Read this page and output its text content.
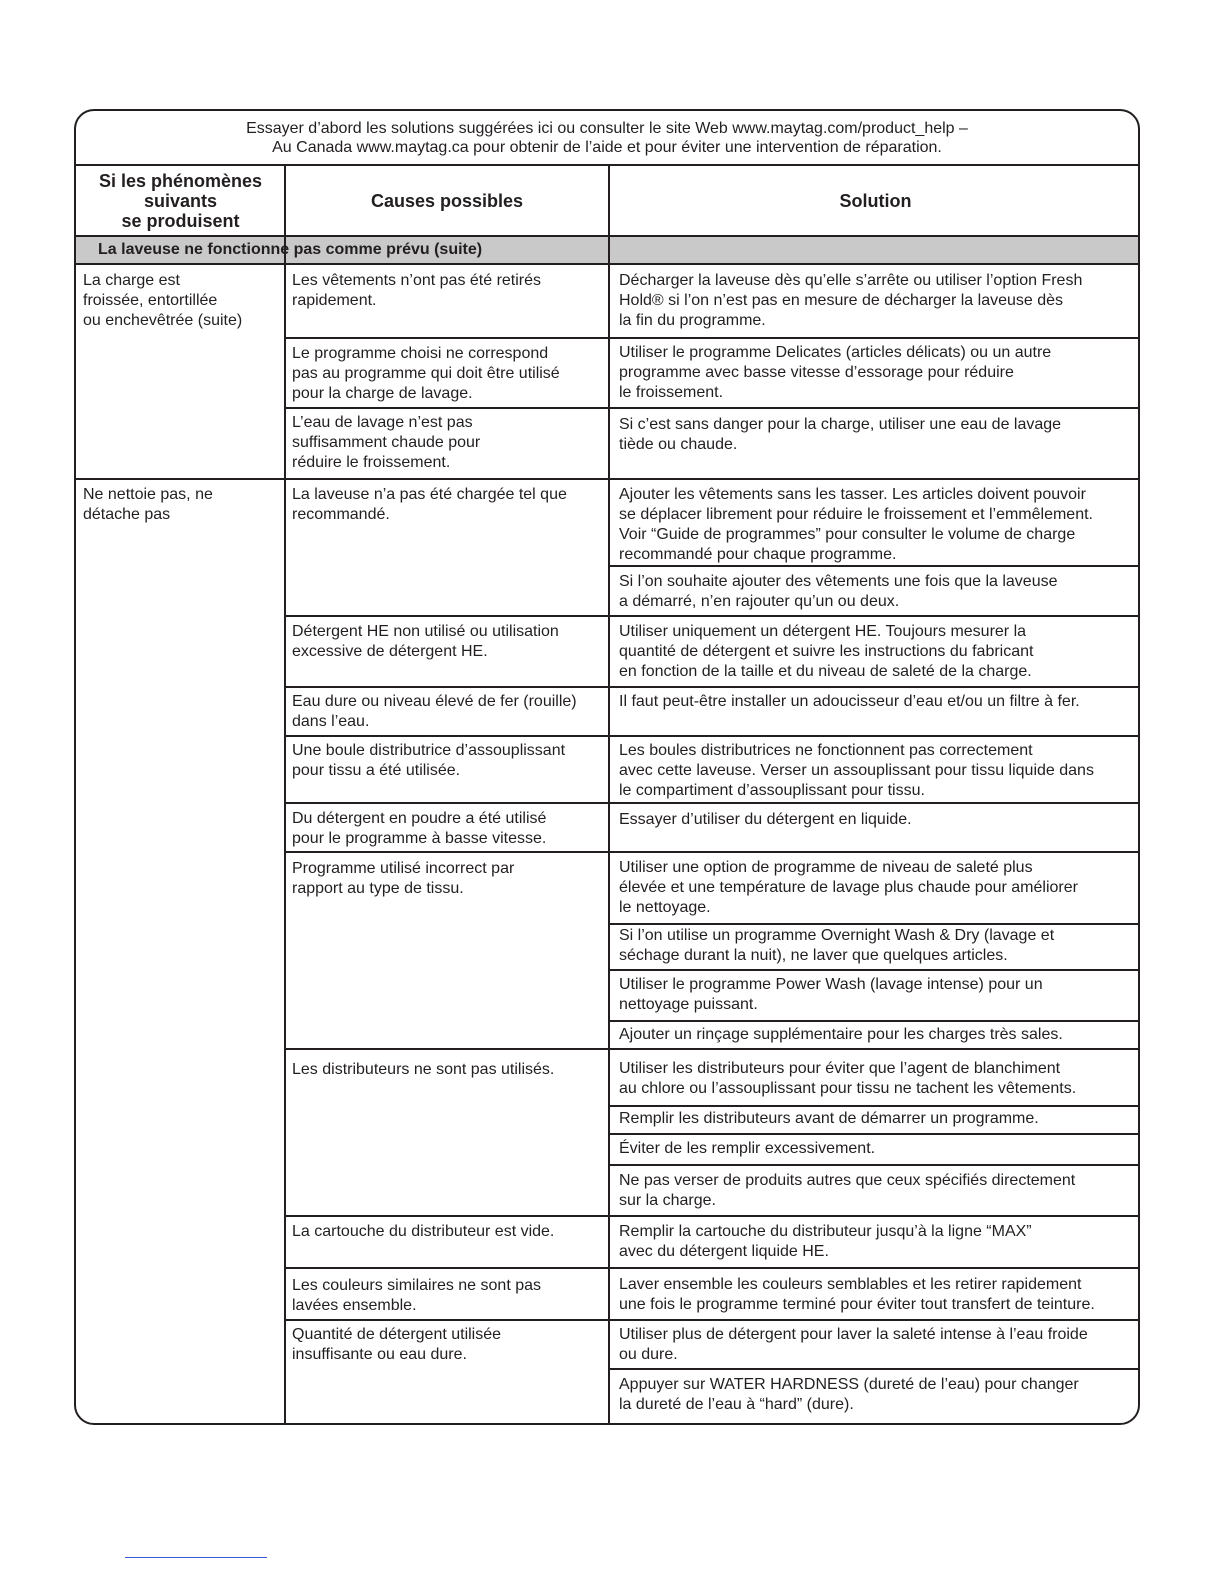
Essayer d’abord les solutions suggérées ici ou consulter le site Web www.maytag.com/product_help –
Au Canada www.maytag.ca pour obtenir de l’aide et pour éviter une intervention de réparation.
Si les phénomènes
suivants
se produisent
Causes possibles	Solution
La laveuse ne fonctionne pas comme prévu (suite)
La charge est
froissée, entortillée
ou enchevêtrée (suite)
Ne nettoie pas, ne
détache pas
Les vêtements n’ont pas été retirés
rapidement.
Le programme choisi ne correspond
pas au programme qui doit être utilisé
pour la charge de lavage.
L’eau de lavage n’est pas
suffisamment chaude pour
réduire le froissement.
La laveuse n’a pas été chargée tel que
recommandé.
Détergent HE non utilisé ou utilisation
excessive de détergent HE.
Eau dure ou niveau élevé de fer (rouille)
dans l’eau.
Une boule distributrice d’assouplissant
pour tissu a été utilisée.
Du détergent en poudre a été utilisé
pour le programme à basse vitesse.
Programme utilisé incorrect par
rapport au type de tissu.
Les distributeurs ne sont pas utilisés.
La cartouche du distributeur est vide.
Les couleurs similaires ne sont pas
lavées ensemble.
Quantité de détergent utilisée
insuffisante ou eau dure.
Décharger la laveuse dès qu’elle s’arrête ou utiliser l’option Fresh
Hold® si l’on n’est pas en mesure de décharger la laveuse dès
la fin du programme.
Utiliser le programme Delicates (articles délicats) ou un autre
programme avec basse vitesse d’essorage pour réduire
le froissement.
Si c’est sans danger pour la charge, utiliser une eau de lavage
tiède ou chaude.
Ajouter les vêtements sans les tasser. Les articles doivent pouvoir
se déplacer librement pour réduire le froissement et l’emmêlement.
Voir “Guide de programmes” pour consulter le volume de charge
recommandé pour chaque programme.
Si l’on souhaite ajouter des vêtements une fois que la laveuse
a démarré, n’en rajouter qu’un ou deux.
Utiliser uniquement un détergent HE. Toujours mesurer la
quantité de détergent et suivre les instructions du fabricant
en fonction de la taille et du niveau de saleté de la charge.
Il faut peut-être installer un adoucisseur d’eau et/ou un filtre à fer.
Les boules distributrices ne fonctionnent pas correctement
avec cette laveuse. Verser un assouplissant pour tissu liquide dans
le compartiment d’assouplissant pour tissu.
Essayer d’utiliser du détergent en liquide.
Utiliser une option de programme de niveau de saleté plus
élevée et une température de lavage plus chaude pour améliorer
le nettoyage.
Si l’on utilise un programme Overnight Wash & Dry (lavage et
séchage durant la nuit), ne laver que quelques articles.
Utiliser le programme Power Wash (lavage intense) pour un
nettoyage puissant.
Ajouter un rinçage supplémentaire pour les charges très sales.
Utiliser les distributeurs pour éviter que l’agent de blanchiment
au chlore ou l’assouplissant pour tissu ne tachent les vêtements.
Remplir les distributeurs avant de démarrer un programme.
Éviter de les remplir excessivement.
Ne pas verser de produits autres que ceux spécifiés directement
sur la charge.
Remplir la cartouche du distributeur jusqu’à la ligne “MAX”
avec du détergent liquide HE.
Laver ensemble les couleurs semblables et les retirer rapidement
une fois le programme terminé pour éviter tout transfert de teinture.
Utiliser plus de détergent pour laver la saleté intense à l’eau froide
ou dure.
Appuyer sur WATER HARDNESS (dureté de l’eau) pour changer
la dureté de l’eau à “hard” (dure).
